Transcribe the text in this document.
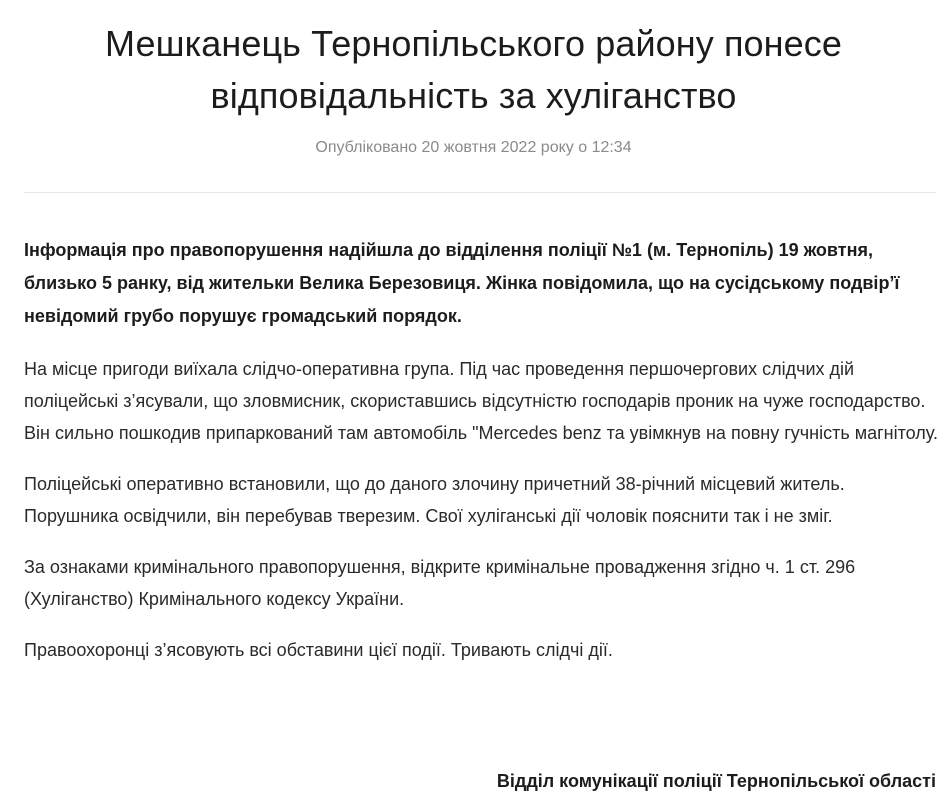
Мешканець Тернопільського району понесе відповідальність за хуліганство
Опубліковано 20 жовтня 2022 року о 12:34

Інформація про правопорушення надійшла до відділення поліції №1 (м. Тернопіль) 19 жовтня, близько 5 ранку, від жительки Велика Березовиця. Жінка повідомила, що на сусідському подвір’ї невідомий грубо порушує громадський порядок.

На місце пригоди виїхала слідчо-оперативна група. Під час проведення першочергових слідчих дій поліцейські з’ясували, що зловмисник, скориставшись відсутністю господарів проник на чуже господарство. Він сильно пошкодив припаркований там автомобіль "Mercedes benz та увімкнув на повну гучність магнітолу.

Поліцейські оперативно встановили, що до даного злочину причетний 38-річний місцевий житель. Порушника освідчили, він перебував тверезим. Свої хуліганські дії чоловік пояснити так і не зміг.

За ознаками кримінального правопорушення, відкрите кримінальне провадження згідно ч. 1 ст. 296 (Хуліганство) Кримінального кодексу України.

Правоохоронці з’ясовують всі обставини цієї події. Тривають слідчі дії.

Відділ комунікації поліції Тернопільської області
